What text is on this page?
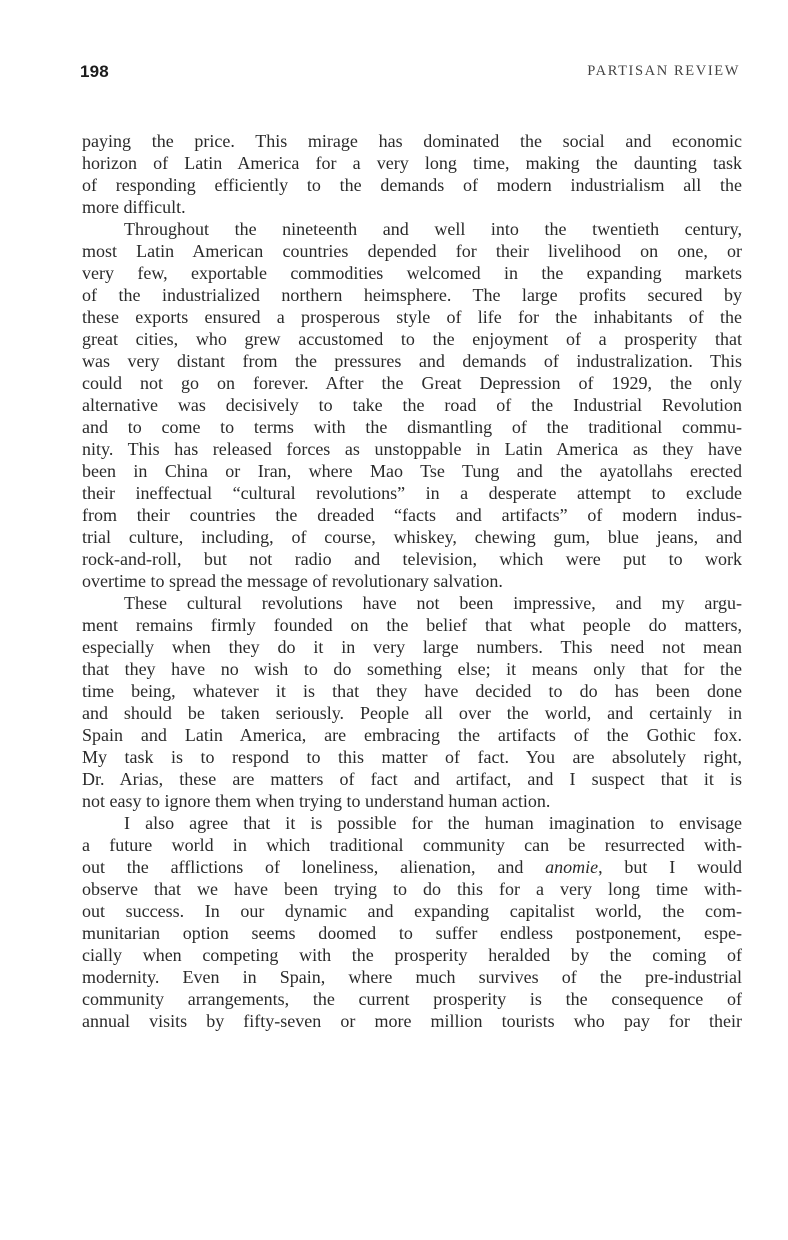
198	PARTISAN REVIEW
paying the price. This mirage has dominated the social and economic
horizon of Latin America for a very long time, making the daunting task
of responding efficiently to the demands of modern industrialism all the
more difficult.
Throughout the nineteenth and well into the twentieth century,
most Latin American countries depended for their livelihood on one, or
very few, exportable commodities welcomed in the expanding markets
of the industrialized northern heimsphere. The large profits secured by
these exports ensured a prosperous style of life for the inhabitants of the
great cities, who grew accustomed to the enjoyment of a prosperity that
was very distant from the pressures and demands of industralization. This
could not go on forever. After the Great Depression of 1929, the only
alternative was decisively to take the road of the Industrial Revolution
and to come to terms with the dismantling of the traditional commu-
nity. This has released forces as unstoppable in Latin America as they have
been in China or Iran, where Mao Tse Tung and the ayatollahs erected
their ineffectual “cultural revolutions” in a desperate attempt to exclude
from their countries the dreaded “facts and artifacts” of modern indus-
trial culture, including, of course, whiskey, chewing gum, blue jeans, and
rock-and-roll, but not radio and television, which were put to work
overtime to spread the message of revolutionary salvation.
These cultural revolutions have not been impressive, and my argu-
ment remains firmly founded on the belief that what people do matters,
especially when they do it in very large numbers. This need not mean
that they have no wish to do something else; it means only that for the
time being, whatever it is that they have decided to do has been done
and should be taken seriously. People all over the world, and certainly in
Spain and Latin America, are embracing the artifacts of the Gothic fox.
My task is to respond to this matter of fact. You are absolutely right,
Dr. Arias, these are matters of fact and artifact, and I suspect that it is
not easy to ignore them when trying to understand human action.
I also agree that it is possible for the human imagination to envisage
a future world in which traditional community can be resurrected with-
out the afflictions of loneliness, alienation, and anomie, but I would
observe that we have been trying to do this for a very long time with-
out success. In our dynamic and expanding capitalist world, the com-
munitarian option seems doomed to suffer endless postponement, espe-
cially when competing with the prosperity heralded by the coming of
modernity. Even in Spain, where much survives of the pre-industrial
community arrangements, the current prosperity is the consequence of
annual visits by fifty-seven or more million tourists who pay for their
